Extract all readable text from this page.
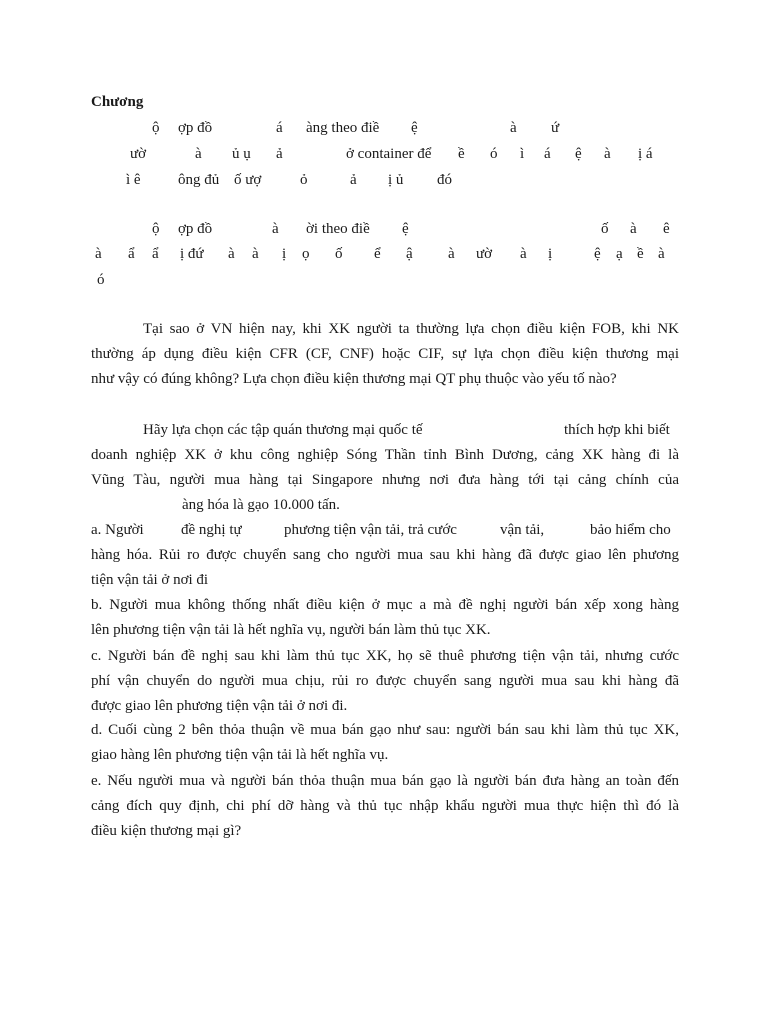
Chương
ộ ợp đồ	á àng theo điề ệ	à ứ
ườ	à ủ ụ ả	ở container để ề ó ì á ệ à ị á
ì ê ông đủ ố ượ	ỏ	ả ị ủ đó
ộ ợp đồ	à ời theo điề ệ	ố à ê
à ẩ ẩ ị đứ à à ị ọ ố ể ậ à ườ à ị	ệ ạ ề à
ó
Tại sao ở VN hiện nay, khi XK người ta thường lựa chọn điều kiện FOB, khi NK
thường áp dụng điều kiện CFR (CF, CNF) hoặc CIF, sự lựa chọn điều kiện thương mại
như vậy có đúng không? Lựa chọn điều kiện thương mại QT phụ thuộc vào yếu tố nào?
Hãy lựa chọn các tập quán thương mại quốc tế	thích hợp khi biết
doanh nghiệp XK ở khu công nghiệp Sóng Thần tỉnh Bình Dương, cảng XK hàng đi là
Vũng Tàu, người mua hàng tại Singapore nhưng nơi đưa hàng tới tại cảng chính của
àng hóa là gạo 10.000 tấn.
a. Người đề nghị tự	phương tiện vận tải, trả cước	vận tải,	bảo hiểm cho
hàng hóa. Rủi ro được chuyển sang cho người mua sau khi hàng đã được giao lên phương
tiện vận tải ở nơi đi
b. Người mua không thống nhất điều kiện ở mục a mà đề nghị người bán xếp xong hàng
lên phương tiện vận tải là hết nghĩa vụ, người bán làm thủ tục XK.
c. Người bán đề nghị sau khi làm thủ tục XK, họ sẽ thuê phương tiện vận tải, nhưng cước
phí vận chuyển do người mua chịu, rủi ro được chuyển sang người mua sau khi hàng đã
được giao lên phương tiện vận tải ở nơi đi.
d. Cuối cùng 2 bên thỏa thuận về mua bán gạo như sau: người bán sau khi làm thủ tục XK,
giao hàng lên phương tiện vận tải là hết nghĩa vụ.
e. Nếu người mua và người bán thỏa thuận mua bán gạo là người bán đưa hàng an toàn đến
cảng đích quy định, chi phí dỡ hàng và thủ tục nhập khẩu người mua thực hiện thì đó là
điều kiện thương mại gì?
